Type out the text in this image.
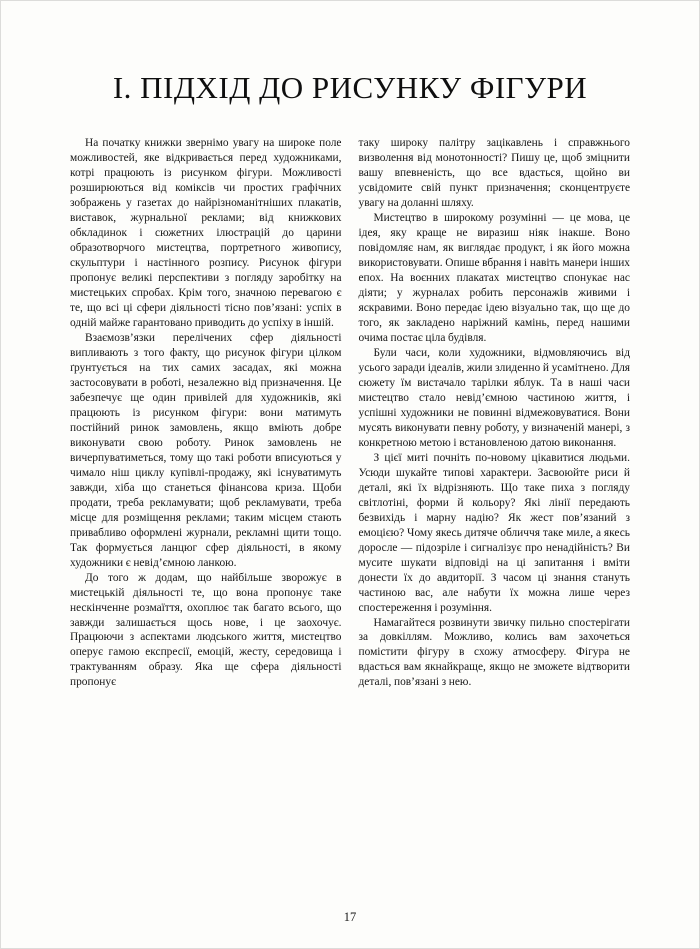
І. ПІДХІД ДО РИСУНКУ ФІГУРИ

На початку книжки звернімо увагу на широке поле можливостей, яке відкривається перед художниками, котрі працюють із рисунком фігури. Можливості розширюються від коміксів чи простих графічних зображень у газетах до найрізноманітніших плакатів, виставок, журнальної реклами; від книжкових обкладинок і сюжетних ілюстрацій до царини образотворчого мистецтва, портретного живопису, скульптури і настінного розпису. Рисунок фігури пропонує великі перспективи з погляду заробітку на мистецьких спробах. Крім того, значною перевагою є те, що всі ці сфери діяльності тісно пов’язані: успіх в одній майже гарантовано приводить до успіху в іншій.

Взаємозв’язки перелічених сфер діяльності випливають з того факту, що рисунок фігури цілком ґрунтується на тих самих засадах, які можна застосовувати в роботі, незалежно від призначення. Це забезпечує ще один привілей для художників, які працюють із рисунком фігури: вони матимуть постійний ринок замовлень, якщо вміють добре виконувати свою роботу. Ринок замовлень не вичерпуватиметься, тому що такі роботи вписуються у чимало ніш циклу купівлі-продажу, які існуватимуть завжди, хіба що станеться фінансова криза. Щоби продати, треба рекламувати; щоб рекламувати, треба місце для розміщення реклами; таким місцем стають привабливо оформлені журнали, рекламні щити тощо. Так формується ланцюг сфер діяльності, в якому художники є невід’ємною ланкою.

До того ж додам, що найбільше зворожує в мистецькій діяльності те, що вона пропонує таке нескінченне розмаїття, охоплює так багато всього, що завжди залишається щось нове, і це заохочує. Працюючи з аспектами людського життя, мистецтво оперує гамою експресії, емоцій, жесту, середовища і трактуванням образу. Яка ще сфера діяльності пропонує

таку широку палітру зацікавлень і справжнього визволення від монотонності? Пишу це, щоб зміцнити вашу впевненість, що все вдасться, щойно ви усвідомите свій пункт призначення; сконцентруєте увагу на доланні шляху.

Мистецтво в широкому розумінні — це мова, це ідея, яку краще не виразиш ніяк інакше. Воно повідомляє нам, як виглядає продукт, і як його можна використовувати. Опише вбрання і навіть манери інших епох. На воєнних плакатах мистецтво спонукає нас діяти; у журналах робить персонажів живими і яскравими. Воно передає ідею візуально так, що ще до того, як закладено наріжний камінь, перед нашими очима постає ціла будівля.

Були часи, коли художники, відмовляючись від усього заради ідеалів, жили злиденно й усамітнено. Для сюжету їм вистачало тарілки яблук. Та в наші часи мистецтво стало невід’ємною частиною життя, і успішні художники не повинні відмежовуватися. Вони мусять виконувати певну роботу, у визначеній манері, з конкретною метою і встановленою датою виконання.

З цієї миті почніть по-новому цікавитися людьми. Усюди шукайте типові характери. Засвоюйте риси й деталі, які їх відрізняють. Що таке пиха з погляду світлотіні, форми й кольору? Які лінії передають безвихідь і марну надію? Як жест пов’язаний з емоцією? Чому якесь дитяче обличчя таке миле, а якесь доросле — підозріле і сигналізує про ненадійність? Ви мусите шукати відповіді на ці запитання і вміти донести їх до авдиторії. З часом ці знання стануть частиною вас, але набути їх можна лише через спостереження і розуміння.

Намагайтеся розвинути звичку пильно спостерігати за довкіллям. Можливо, колись вам захочеться помістити фігуру в схожу атмосферу. Фігура не вдасться вам якнайкраще, якщо не зможете відтворити деталі, пов’язані з нею.

17
